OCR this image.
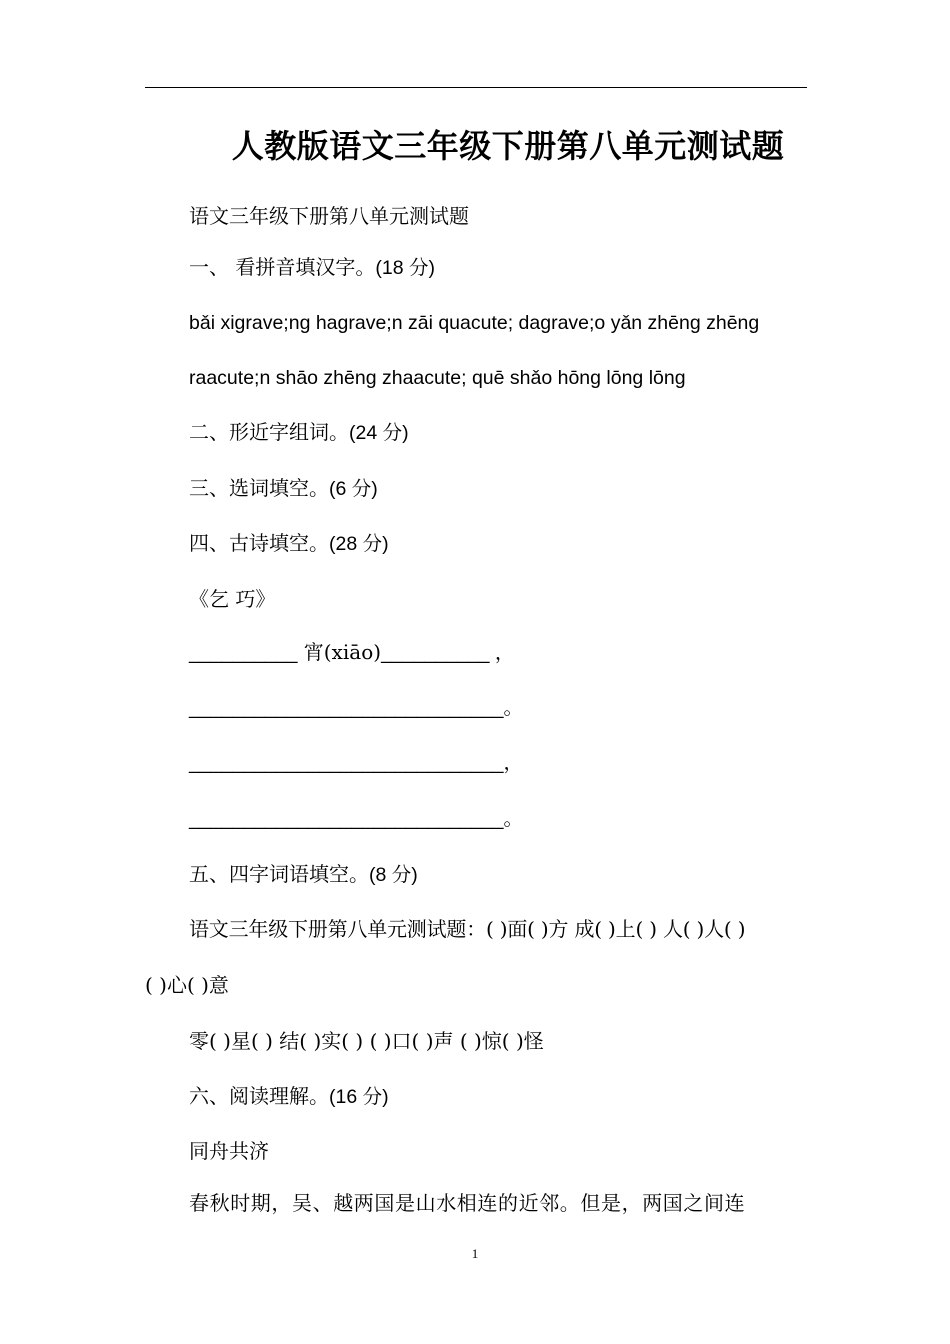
人教版语文三年级下册第八单元测试题
语文三年级下册第八单元测试题
一、 看拼音填汉字。(18 分)
bǎi xigrave;ng hagrave;n zāi quacute; dagrave;o yǎn zhēng zhēng
raacute;n shāo zhēng zhaacute; quē shǎo hōng lōng lōng
二、形近字组词。(24 分)
三、选词填空。(6 分)
四、古诗填空。(28 分)
《乞 巧》
__________ 宵(xiāo)__________ ，
_____________________________。
_____________________________，
_____________________________。
五、四字词语填空。(8 分)
语文三年级下册第八单元测试题：( )面( )方 成( )上( ) 人( )人( )
( )心( )意
零( )星( ) 结( )实( ) ( )口( )声 ( )惊( )怪
六、阅读理解。(16 分)
同舟共济
春秋时期，吴、越两国是山水相连的近邻。但是，两国之间连
1
